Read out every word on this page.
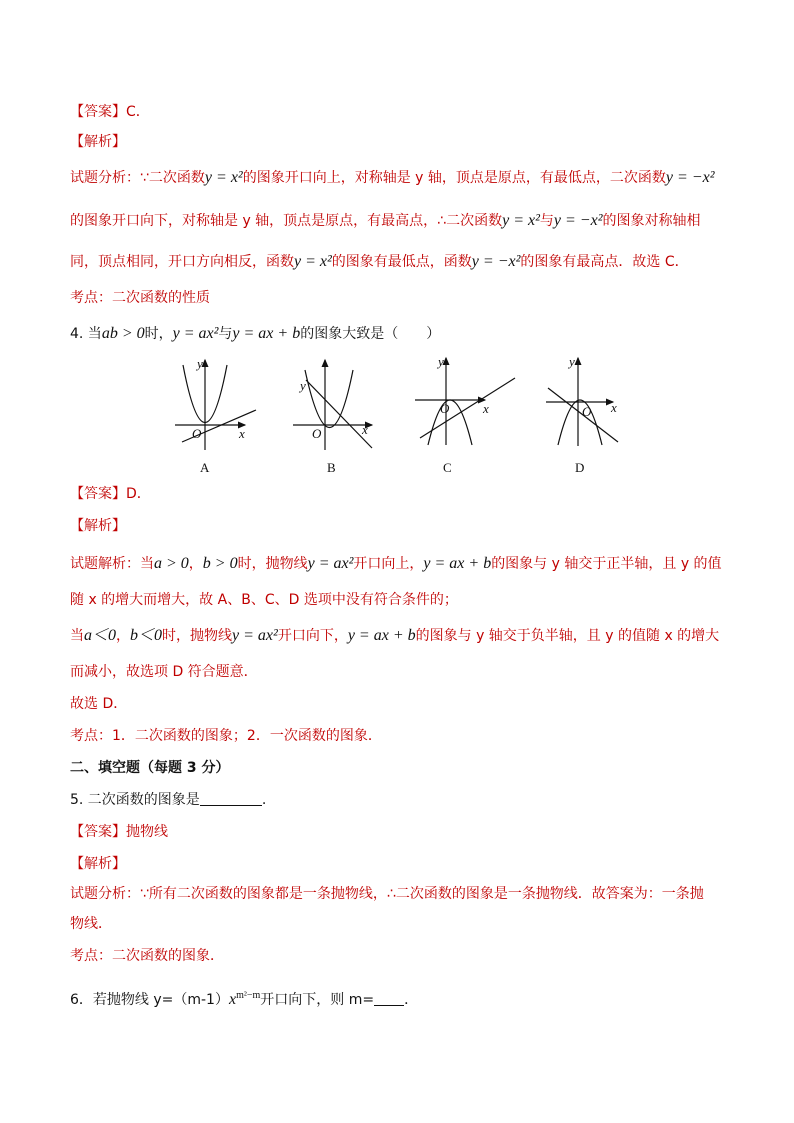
【答案】C．
【解析】
试题分析：∵二次函数y = x²的图象开口向上，对称轴是 y 轴，顶点是原点，有最低点，二次函数y = −x²
的图象开口向下，对称轴是 y 轴，顶点是原点，有最高点，∴二次函数y = x²与y = −x²的图象对称轴相
同，顶点相同，开口方向相反，函数y = x²的图象有最低点，函数y = −x²的图象有最高点．故选 C．
考点：二次函数的性质
4. 当ab > 0时，y = ax²与y = ax + b的图象大致是（　　）
y
x
O
A
y
x
O
B
y
x
O
C
y
x
O
D
【答案】D．
【解析】
试题解析：当a > 0，b > 0时，抛物线y = ax²开口向上，y = ax + b的图象与 y 轴交于正半轴，且 y 的值
随 x 的增大而增大，故 A、B、C、D 选项中没有符合条件的；
当a＜0，b＜0时，抛物线y = ax²开口向下，y = ax + b的图象与 y 轴交于负半轴，且 y 的值随 x 的增大
而减小，故选项 D 符合题意．
故选 D．
考点：1．二次函数的图象；2．一次函数的图象．
二、填空题（每题 3 分）
5. 二次函数的图象是	.
【答案】抛物线
【解析】
试题分析：∵所有二次函数的图象都是一条抛物线，∴二次函数的图象是一条抛物线．故答案为：一条抛
物线．
考点：二次函数的图象．
6．若抛物线 $y=(m-1)x^{m^2-m}$开口向下，则 m= ．
